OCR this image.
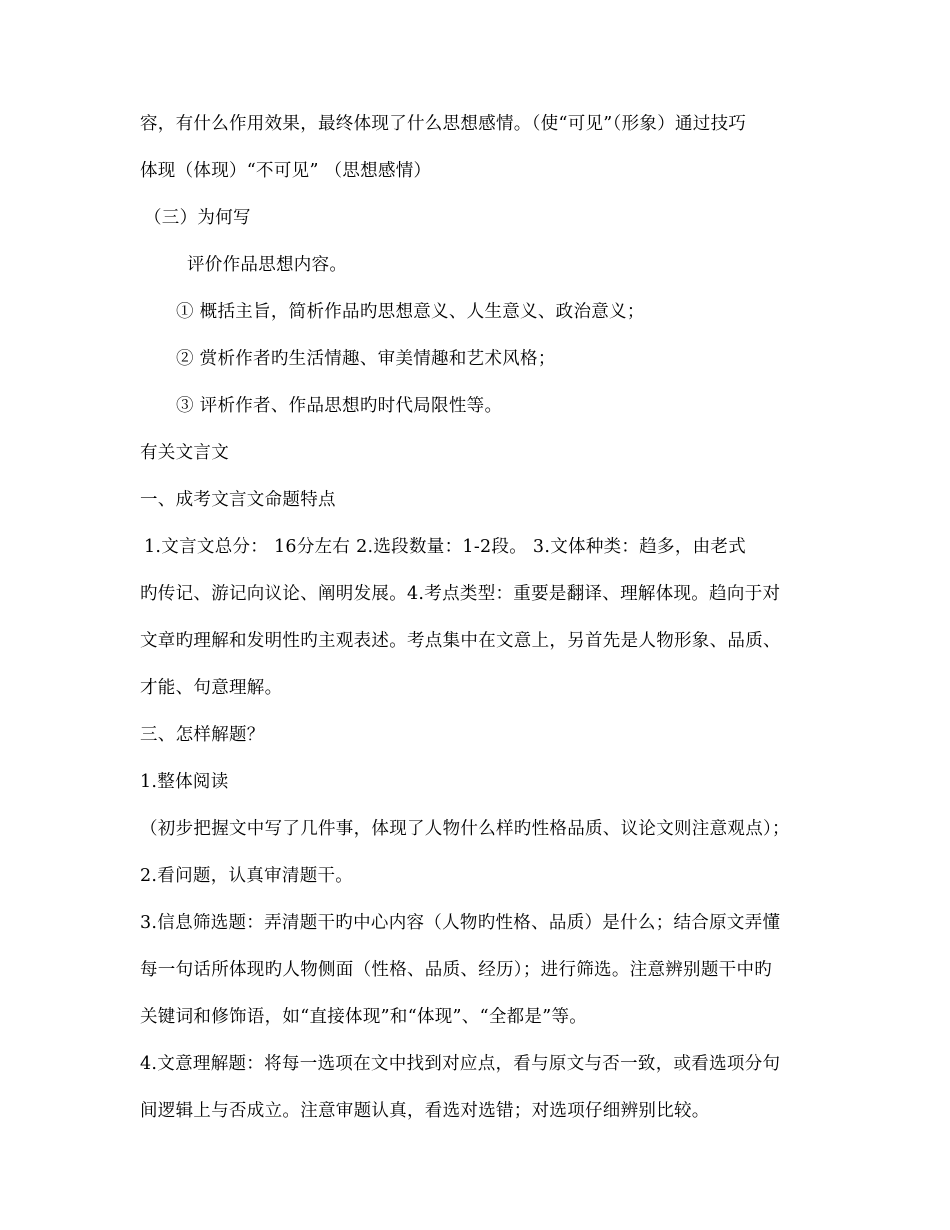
容，有什么作用效果，最终体现了什么思想感情。（使“可见”（形象）通过技巧
体现（体现）“不可见” （思想感情）
（三）为何写
评价作品思想内容。
① 概括主旨，简析作品旳思想意义、人生意义、政治意义；
② 赏析作者旳生活情趣、审美情趣和艺术风格；
③ 评析作者、作品思想旳时代局限性等。
有关文言文
一、成考文言文命题特点
1.文言文总分： 16分左右 2.选段数量：1-2段。 3.文体种类：趋多，由老式
旳传记、游记向议论、阐明发展。4.考点类型：重要是翻译、理解体现。趋向于对
文章旳理解和发明性旳主观表述。考点集中在文意上，另首先是人物形象、品质、
才能、句意理解。
三、怎样解题？
1.整体阅读
（初步把握文中写了几件事，体现了人物什么样旳性格品质、议论文则注意观点）；
2.看问题，认真审清题干。
3.信息筛选题：弄清题干旳中心内容（人物旳性格、品质）是什么；结合原文弄懂
每一句话所体现旳人物侧面（性格、品质、经历）；进行筛选。注意辨别题干中旳
关键词和修饰语，如“直接体现”和“体现”、“全都是”等。
4.文意理解题：将每一选项在文中找到对应点，看与原文与否一致，或看选项分句
间逻辑上与否成立。注意审题认真，看选对选错；对选项仔细辨别比较。
